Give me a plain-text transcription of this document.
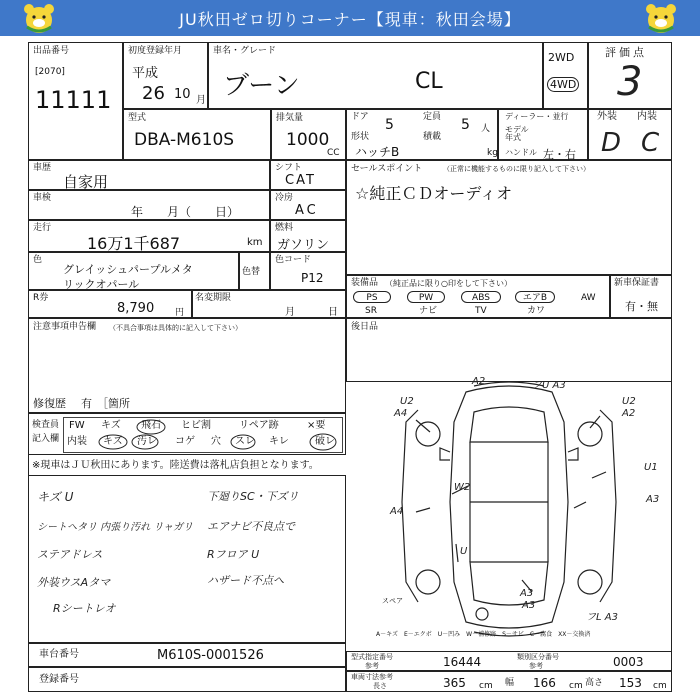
JU秋田ゼロ切りコーナー【現車：秋田会場】
出品番号
[2070]
11111
初度登録年月
平成
26 10 月
車名・グレード
ブーン	CL
2WD
4WD
評価点
3
型式
DBA-M610S
排気量
1000
CC
ドア 5	定員 5 人
形状	積載
ハッチB	kg
ディーラー・並行
モデル年式
ハンドル 左・右
外装 内装
D C
車歴
自家用
シフト
CAT
車検
年　　月（　　日）
冷房
AC
走行
16万1千687	km
燃料
ガソリン
色
グレイッシュパープルメタ
リックオパール
色替
色コード
P12
R券
8,790 円
名変期限
月	日
注意事項申告欄 （不具合事項は具体的に記入して下さい）
修復歴 有 ［箇所
セールスポイント	（正常に機能するものに限り記入して下さい）
☆純正ＣＤオーディオ
装備品 （純正品に限り○印をして下さい）
PS	PW	ABS	エアB	AW
SR	ナビ	TV	カワ
新車保証書
有・無
後日品
検査員
記入欄
FW キズ 飛石 ヒビ割	リペア跡	×要
内装 キズ 汚レ コゲ 穴 スレ キレ	破レ
※現車はＪＵ秋田にあります。陸送費は落札店負担となります。
キズ U
シートヘタリ 内張り汚れ リャガリ
ステアドレス
外装ウスAタマ
Rシートレオ
下廻りSC・下ズリ
エアナビ不良点で
Rフロア U
ハザード不点へ
A2	フU A3
U2
A4
U2
A2
W2
U1
A3
A4
U
A3
A3
フL A3
スペア
A－キズ　E－エクボ　U－凹み　W－補修跡　S－サビ　C－腐食　XX－交換済
車台番号	M610S-0001526
登録番号
型式指定番号
参考	16444	類別区分番号
参考	0003
車両寸法参考
長さ	365 cm 幅 166 cm 高さ 153 cm
